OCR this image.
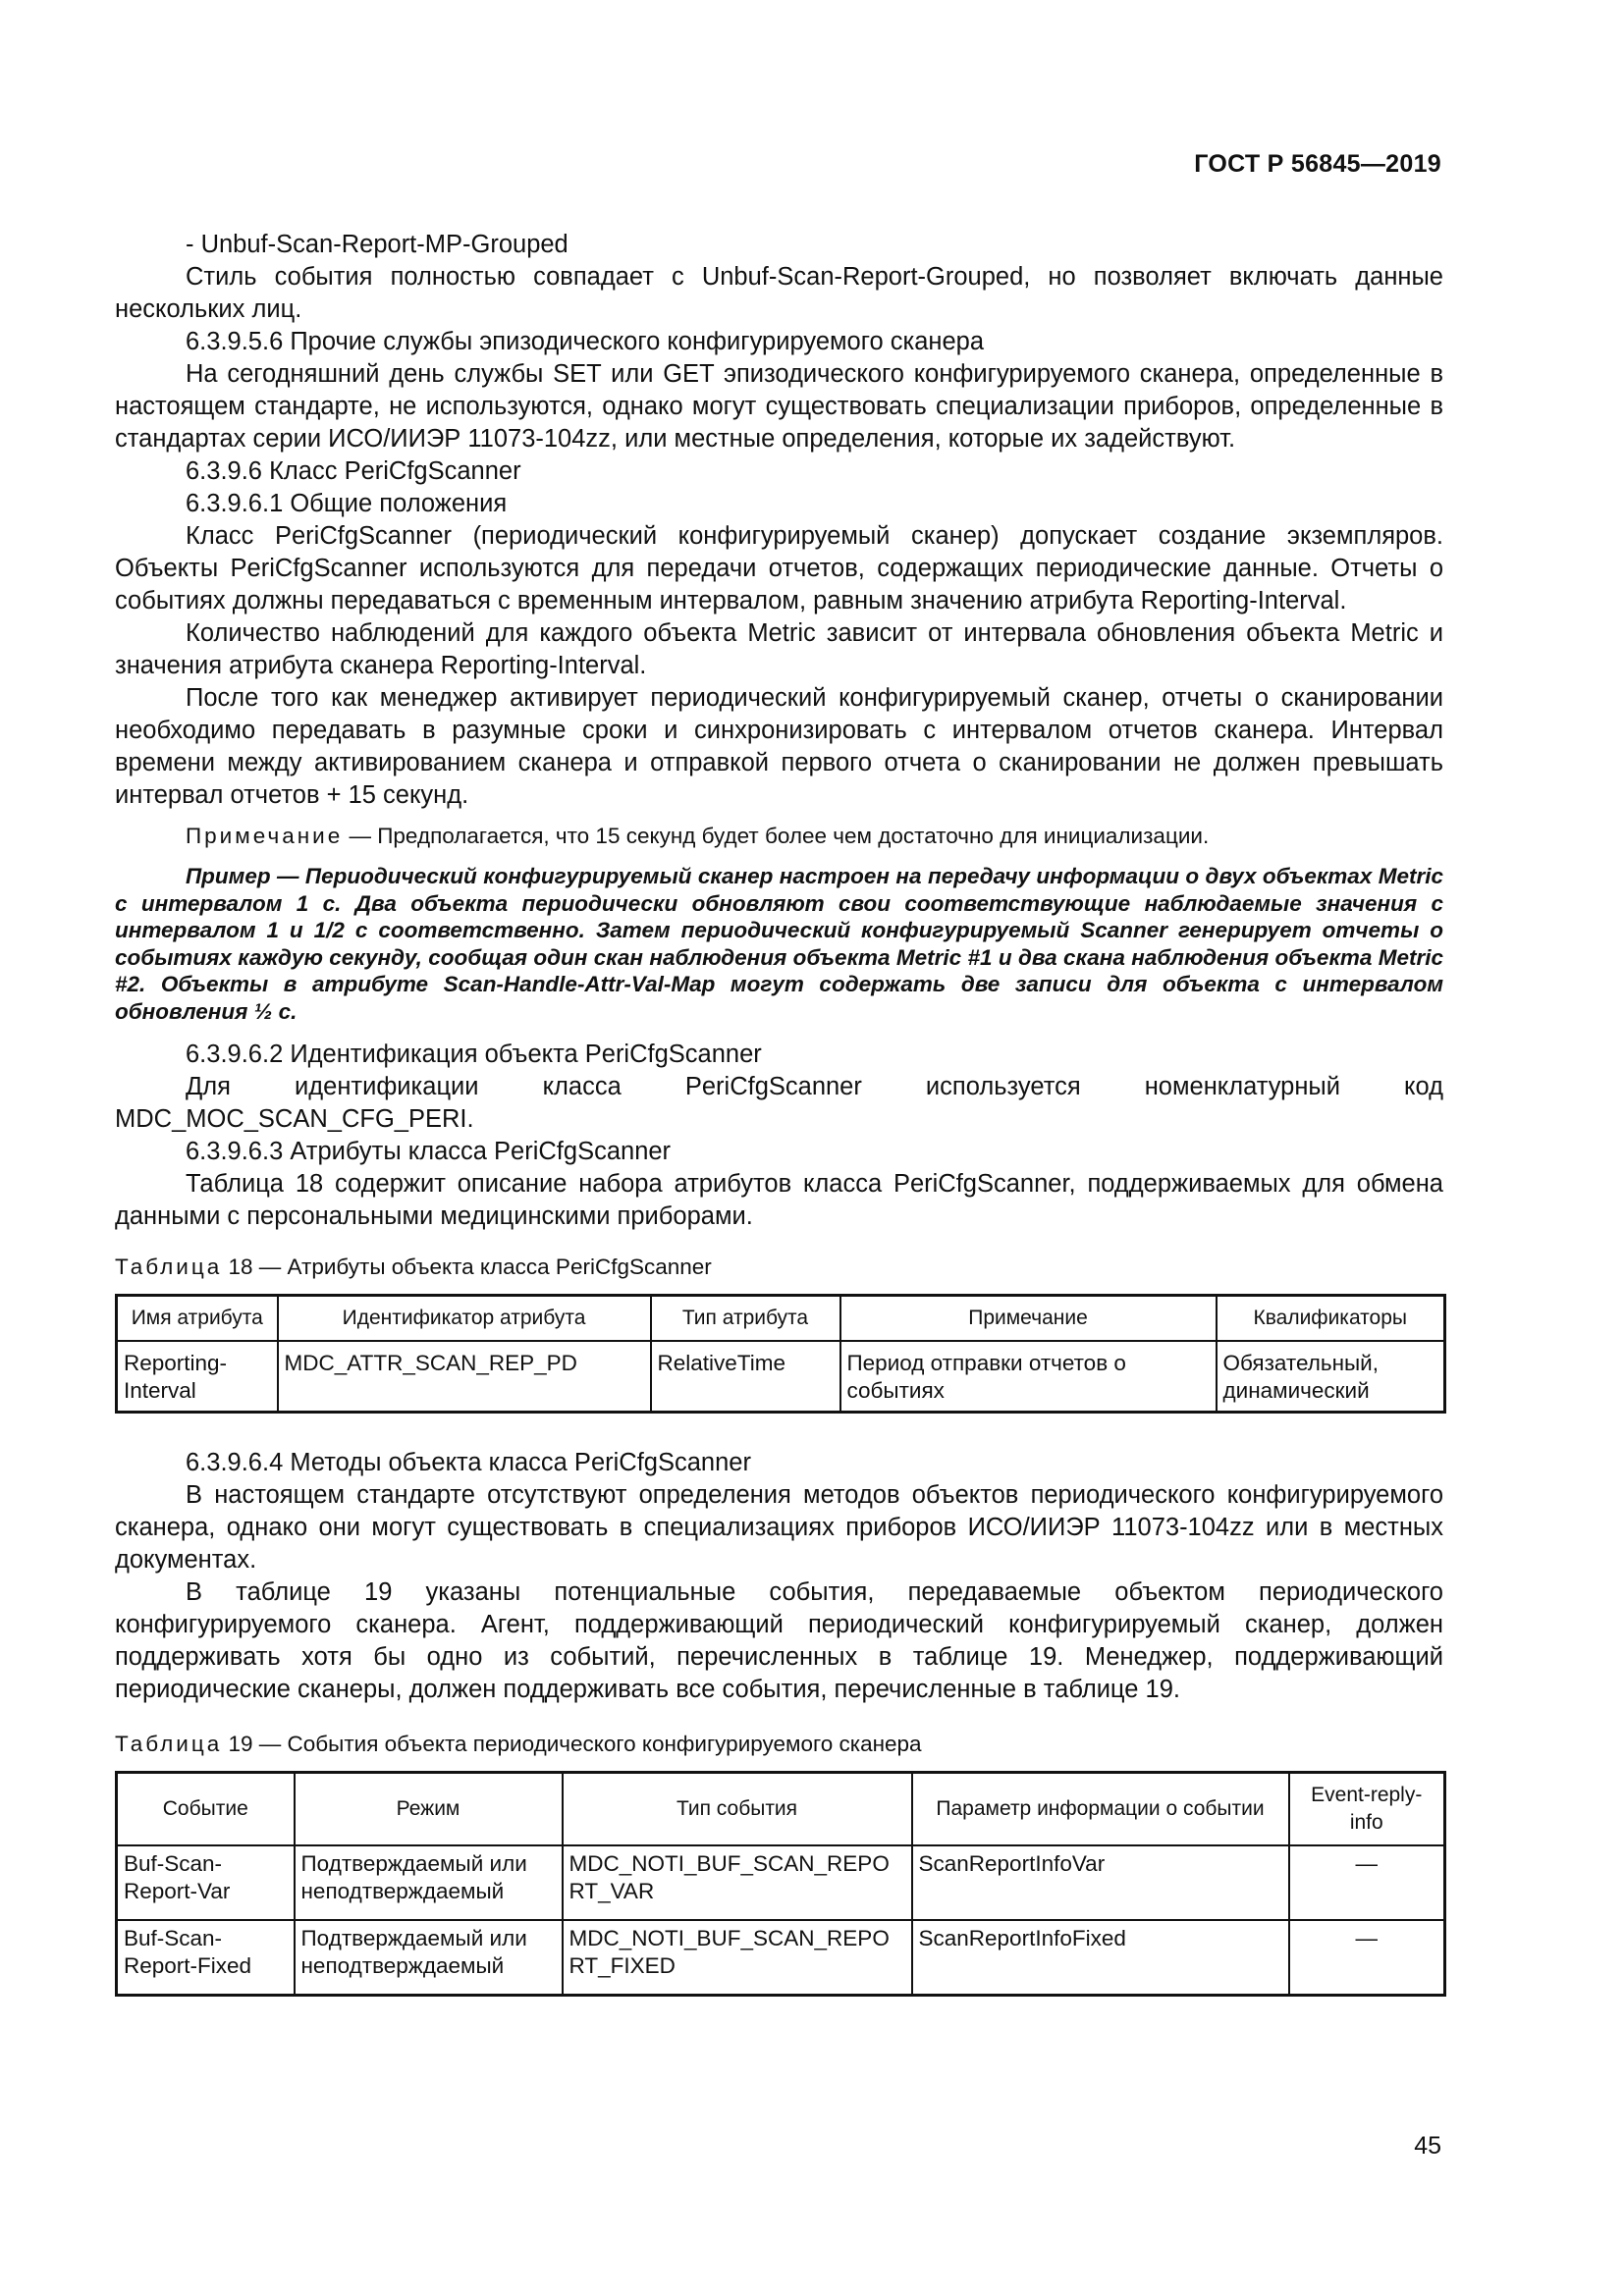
ГОСТ Р 56845—2019

- Unbuf-Scan-Report-MP-Grouped

Стиль события полностью совпадает с Unbuf-Scan-Report-Grouped, но позволяет включать данные нескольких лиц.

6.3.9.5.6 Прочие службы эпизодического конфигурируемого сканера

На сегодняшний день службы SET или GET эпизодического конфигурируемого сканера, определенные в настоящем стандарте, не используются, однако могут существовать специализации приборов, определенные в стандартах серии ИСО/ИИЭР 11073-104zz, или местные определения, которые их задействуют.

6.3.9.6 Класс PeriCfgScanner

6.3.9.6.1 Общие положения

Класс PeriCfgScanner (периодический конфигурируемый сканер) допускает создание экземпляров. Объекты PeriCfgScanner используются для передачи отчетов, содержащих периодические данные. Отчеты о событиях должны передаваться с временным интервалом, равным значению атрибута Reporting-Interval.

Количество наблюдений для каждого объекта Metric зависит от интервала обновления объекта Metric и значения атрибута сканера Reporting-Interval.

После того как менеджер активирует периодический конфигурируемый сканер, отчеты о сканировании необходимо передавать в разумные сроки и синхронизировать с интервалом отчетов сканера. Интервал времени между активированием сканера и отправкой первого отчета о сканировании не должен превышать интервал отчетов + 15 секунд.

Примечание — Предполагается, что 15 секунд будет более чем достаточно для инициализации.

Пример — Периодический конфигурируемый сканер настроен на передачу информации о двух объектах Metric с интервалом 1 с. Два объекта периодически обновляют свои соответствующие наблюдаемые значения с интервалом 1 и 1/2 с соответственно. Затем периодический конфигурируемый Scanner генерирует отчеты о событиях каждую секунду, сообщая один скан наблюдения объекта Metric #1 и два скана наблюдения объекта Metric #2. Объекты в атрибуте Scan-Handle-Attr-Val-Map могут содержать две записи для объекта с интервалом обновления ½ с.

6.3.9.6.2 Идентификация объекта PeriCfgScanner

Для идентификации класса PeriCfgScanner используется номенклатурный код MDC_MOC_SCAN_CFG_PERI.

6.3.9.6.3 Атрибуты класса PeriCfgScanner

Таблица 18 содержит описание набора атрибутов класса PeriCfgScanner, поддерживаемых для обмена данными с персональными медицинскими приборами.

Таблица 18 — Атрибуты объекта класса PeriCfgScanner

Имя атрибута	Идентификатор атрибута	Тип атрибута	Примечание	Квалификаторы
Reporting-Interval	MDC_ATTR_SCAN_REP_PD	RelativeTime	Период отправки отчетов о событиях	Обязательный, динамический

6.3.9.6.4 Методы объекта класса PeriCfgScanner

В настоящем стандарте отсутствуют определения методов объектов периодического конфигурируемого сканера, однако они могут существовать в специализациях приборов ИСО/ИИЭР 11073-104zz или в местных документах.

В таблице 19 указаны потенциальные события, передаваемые объектом периодического конфигурируемого сканера. Агент, поддерживающий периодический конфигурируемый сканер, должен поддерживать хотя бы одно из событий, перечисленных в таблице 19. Менеджер, поддерживающий периодические сканеры, должен поддерживать все события, перечисленные в таблице 19.

Таблица 19 — События объекта периодического конфигурируемого сканера

Событие	Режим	Тип события	Параметр информации о событии	Event-reply-info
Buf-Scan-Report-Var	Подтверждаемый или неподтверждаемый	MDC_NOTI_BUF_SCAN_REPORT_VAR	ScanReportInfoVar	—
Buf-Scan-Report-Fixed	Подтверждаемый или неподтверждаемый	MDC_NOTI_BUF_SCAN_REPORT_FIXED	ScanReportInfoFixed	—
45
